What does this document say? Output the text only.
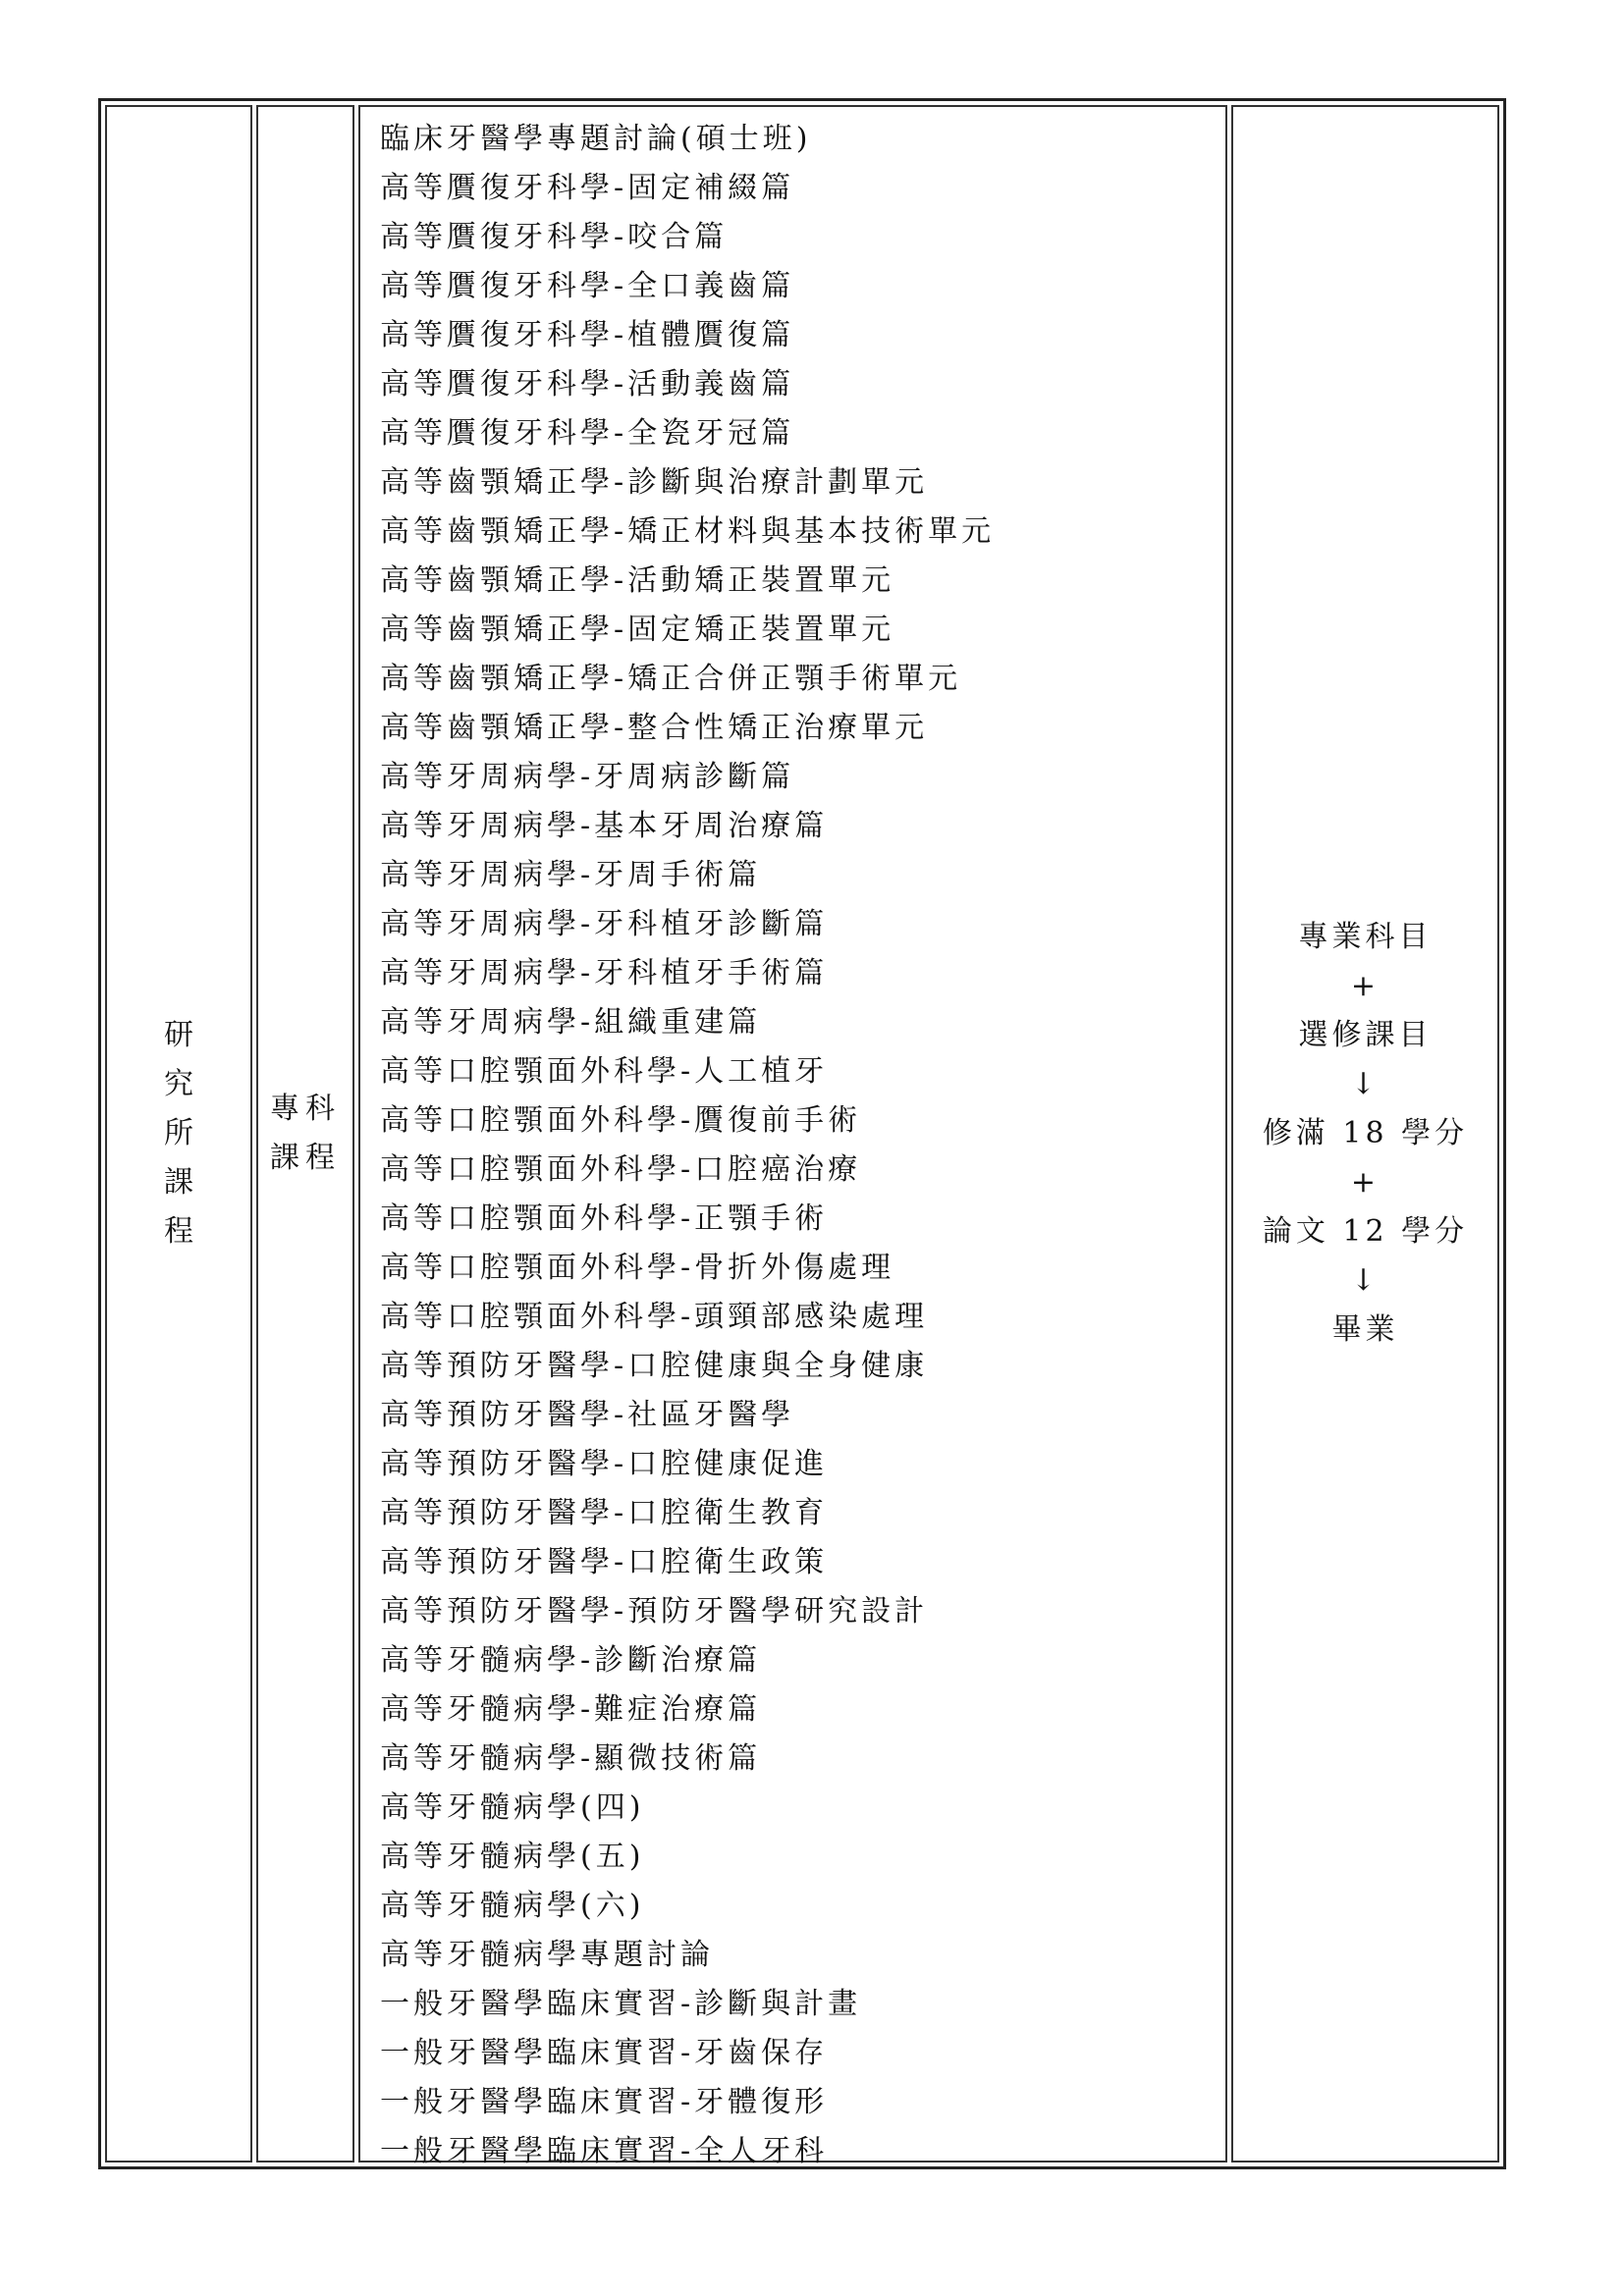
研
究
所
課
程
專科
課程
臨床牙醫學專題討論(碩士班)
高等贋復牙科學-固定補綴篇
高等贋復牙科學-咬合篇
高等贋復牙科學-全口義齒篇
高等贋復牙科學-植體贋復篇
高等贋復牙科學-活動義齒篇
高等贋復牙科學-全瓷牙冠篇
高等齒顎矯正學-診斷與治療計劃單元
高等齒顎矯正學-矯正材料與基本技術單元
高等齒顎矯正學-活動矯正裝置單元
高等齒顎矯正學-固定矯正裝置單元
高等齒顎矯正學-矯正合併正顎手術單元
高等齒顎矯正學-整合性矯正治療單元
高等牙周病學-牙周病診斷篇
高等牙周病學-基本牙周治療篇
高等牙周病學-牙周手術篇
高等牙周病學-牙科植牙診斷篇
高等牙周病學-牙科植牙手術篇
高等牙周病學-組織重建篇
高等口腔顎面外科學-人工植牙
高等口腔顎面外科學-贋復前手術
高等口腔顎面外科學-口腔癌治療
高等口腔顎面外科學-正顎手術
高等口腔顎面外科學-骨折外傷處理
高等口腔顎面外科學-頭頸部感染處理
高等預防牙醫學-口腔健康與全身健康
高等預防牙醫學-社區牙醫學
高等預防牙醫學-口腔健康促進
高等預防牙醫學-口腔衛生教育
高等預防牙醫學-口腔衛生政策
高等預防牙醫學-預防牙醫學研究設計
高等牙髓病學-診斷治療篇
高等牙髓病學-難症治療篇
高等牙髓病學-顯微技術篇
高等牙髓病學(四)
高等牙髓病學(五)
高等牙髓病學(六)
高等牙髓病學專題討論
一般牙醫學臨床實習-診斷與計畫
一般牙醫學臨床實習-牙齒保存
一般牙醫學臨床實習-牙體復形
一般牙醫學臨床實習-全人牙科
專業科目
+
選修課目
↓
修滿 18 學分
+
論文 12 學分
↓
畢業
